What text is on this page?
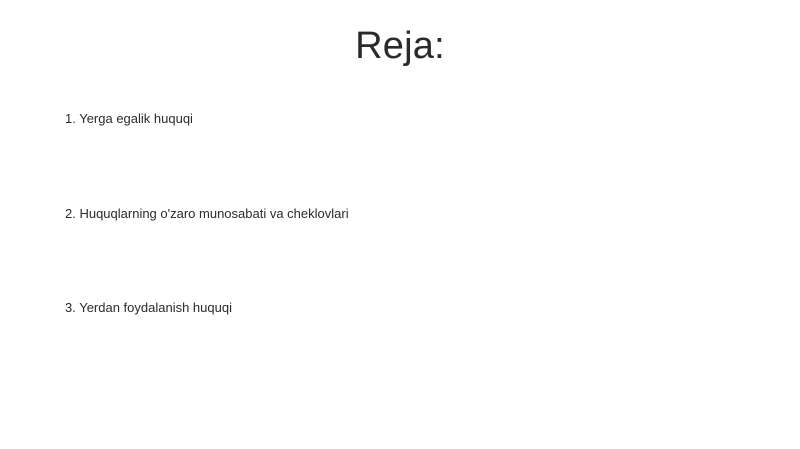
Reja:
1. Yerga egalik huquqi
2. Huquqlarning o'zaro munosabati va cheklovlari
3. Yerdan foydalanish huquqi
